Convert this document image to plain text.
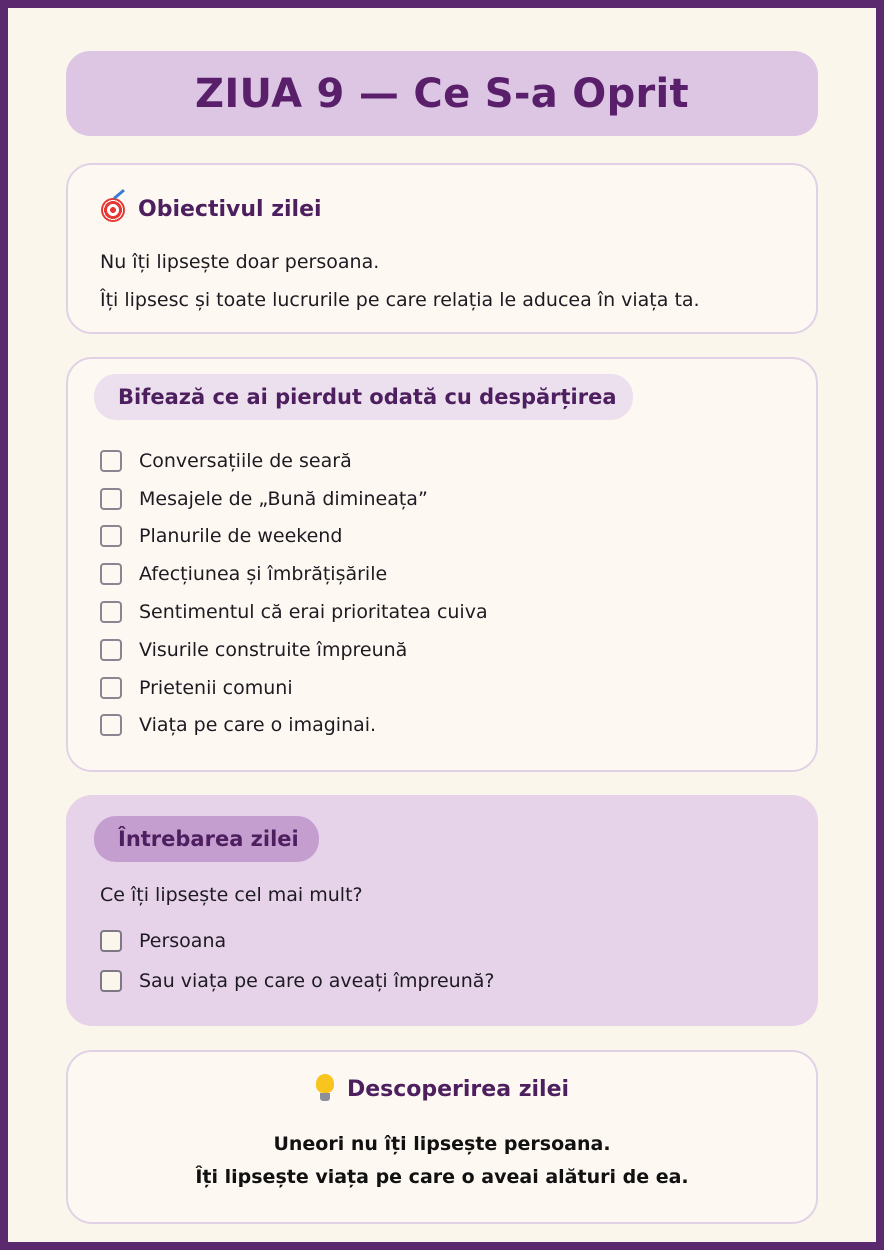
ZIUA 9 — Ce S-a Oprit
Obiectivul zilei
Nu îți lipsește doar persoana.
Îți lipsesc și toate lucrurile pe care relația le aducea în viața ta.
Bifează ce ai pierdut odată cu despărțirea
Conversațiile de seară
Mesajele de „Bună dimineața”
Planurile de weekend
Afecțiunea și îmbrățișările
Sentimentul că erai prioritatea cuiva
Visurile construite împreună
Prietenii comuni
Viața pe care o imaginai.
Întrebarea zilei
Ce îți lipsește cel mai mult?
Persoana
Sau viața pe care o aveați împreună?
Descoperirea zilei
Uneori nu îți lipsește persoana.
Îți lipsește viața pe care o aveai alături de ea.
